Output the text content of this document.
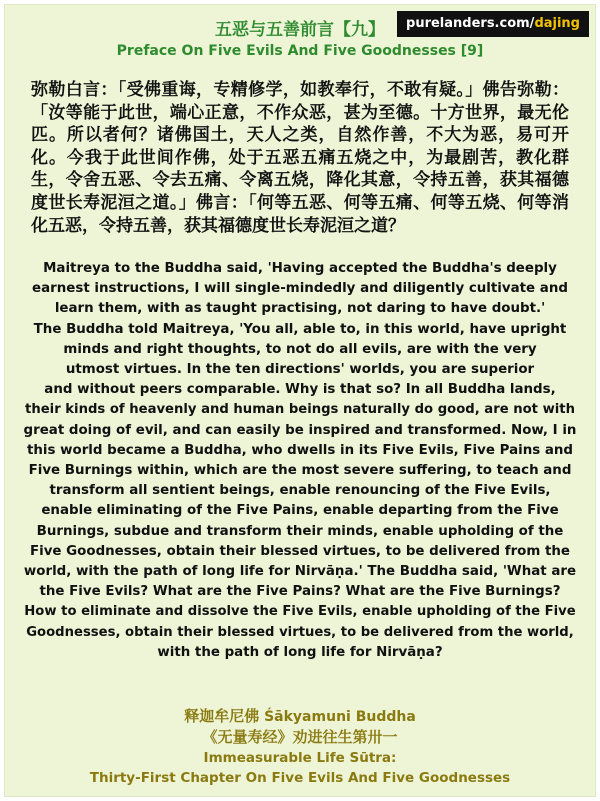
purelanders.com/dajing
五恶与五善前言【九】
Preface On Five Evils And Five Goodnesses [9]
弥勒白言：「受佛重诲，专精修学，如教奉行，不敢有疑。」佛告弥勒：「汝等能于此世，端心正意，不作众恶，甚为至德。十方世界，最无伦匹。所以者何？诸佛国土，天人之类，自然作善，不大为恶，易可开化。今我于此世间作佛，处于五恶五痛五烧之中，为最剧苦，教化群生，令舍五恶、令去五痛、令离五烧，降化其意，令持五善，获其福德度世长寿泥洹之道。」佛言：「何等五恶、何等五痛、何等五烧、何等消化五恶，令持五善，获其福德度世长寿泥洹之道？
Maitreya to the Buddha said, 'Having accepted the Buddha's deeply
earnest instructions, I will single-mindedly and diligently cultivate and
learn them, with as taught practising, not daring to have doubt.'
The Buddha told Maitreya, 'You all, able to, in this world, have upright
minds and right thoughts, to not do all evils, are with the very
utmost virtues. In the ten directions' worlds, you are superior
and without peers comparable. Why is that so? In all Buddha lands,
their kinds of heavenly and human beings naturally do good, are not with
great doing of evil, and can easily be inspired and transformed. Now, I in
this world became a Buddha, who dwells in its Five Evils, Five Pains and
Five Burnings within, which are the most severe suffering, to teach and
transform all sentient beings, enable renouncing of the Five Evils,
enable eliminating of the Five Pains, enable departing from the Five
Burnings, subdue and transform their minds, enable upholding of the
Five Goodnesses, obtain their blessed virtues, to be delivered from the
world, with the path of long life for Nirvāṇa.' The Buddha said, 'What are
the Five Evils? What are the Five Pains? What are the Five Burnings?
How to eliminate and dissolve the Five Evils, enable upholding of the Five
Goodnesses, obtain their blessed virtues, to be delivered from the world,
with the path of long life for Nirvāṇa?
释迦牟尼佛 Śākyamuni Buddha
《无量寿经》劝进往生第卅一
Immeasurable Life Sūtra:
Thirty-First Chapter On Five Evils And Five Goodnesses
